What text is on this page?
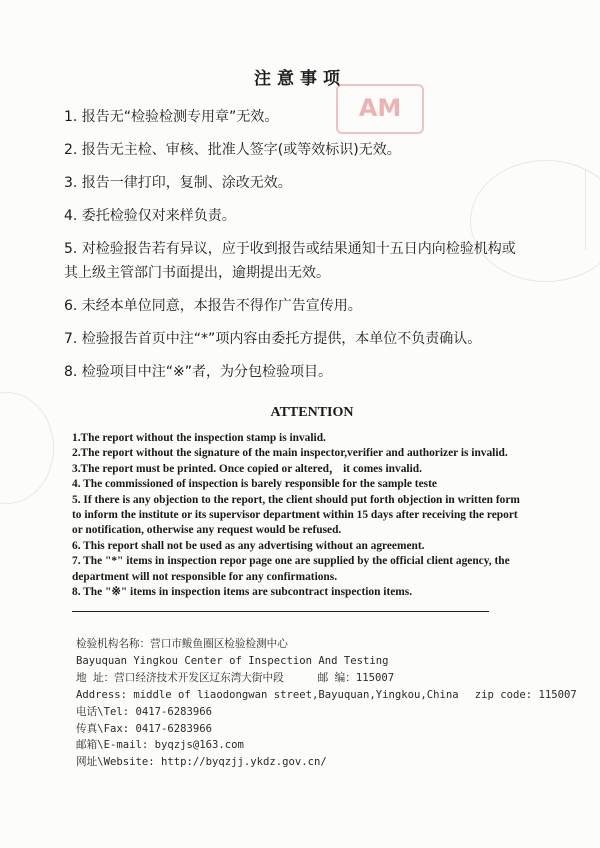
AM
注意事项
1. 报告无“检验检测专用章”无效。
2. 报告无主检、审核、批准人签字(或等效标识)无效。
3. 报告一律打印，复制、涂改无效。
4. 委托检验仅对来样负责。
5. 对检验报告若有异议，应于收到报告或结果通知十五日内向检验机构或
其上级主管部门书面提出，逾期提出无效。
6. 未经本单位同意，本报告不得作广告宣传用。
7. 检验报告首页中注“*”项内容由委托方提供，本单位不负责确认。
8. 检验项目中注“※”者，为分包检验项目。
ATTENTION
1.The report without the inspection stamp is invalid.
2.The report without the signature of the main inspector,verifier and authorizer is invalid.
3.The report must be printed. Once copied or altered， it comes invalid.
4. The commissioned of inspection is barely responsible for the sample teste
5. If there is any objection to the report, the client should put forth objection in written form
to inform the institute or its supervisor department within 15 days after receiving the report
or notification, otherwise any request would be refused.
6. This report shall not be used as any advertising without an agreement.
7. The "*" items in inspection repor page one are supplied by the official client agency, the
department will not responsible for any confirmations.
8. The "※" items in inspection items are subcontract inspection items.
检验机构名称：营口市鲅鱼圈区检验检测中心
Bayuquan Yingkou Center of Inspection And Testing
地 址：营口经济技术开发区辽东湾大街中段	邮 编：115007
Address: middle of liaodongwan street,Bayuquan,Yingkou,China zip code: 115007
电话\Tel: 0417-6283966
传真\Fax: 0417-6283966
邮箱\E-mail: byqzjs@163.com
网址\Website: http://byqzjj.ykdz.gov.cn/
